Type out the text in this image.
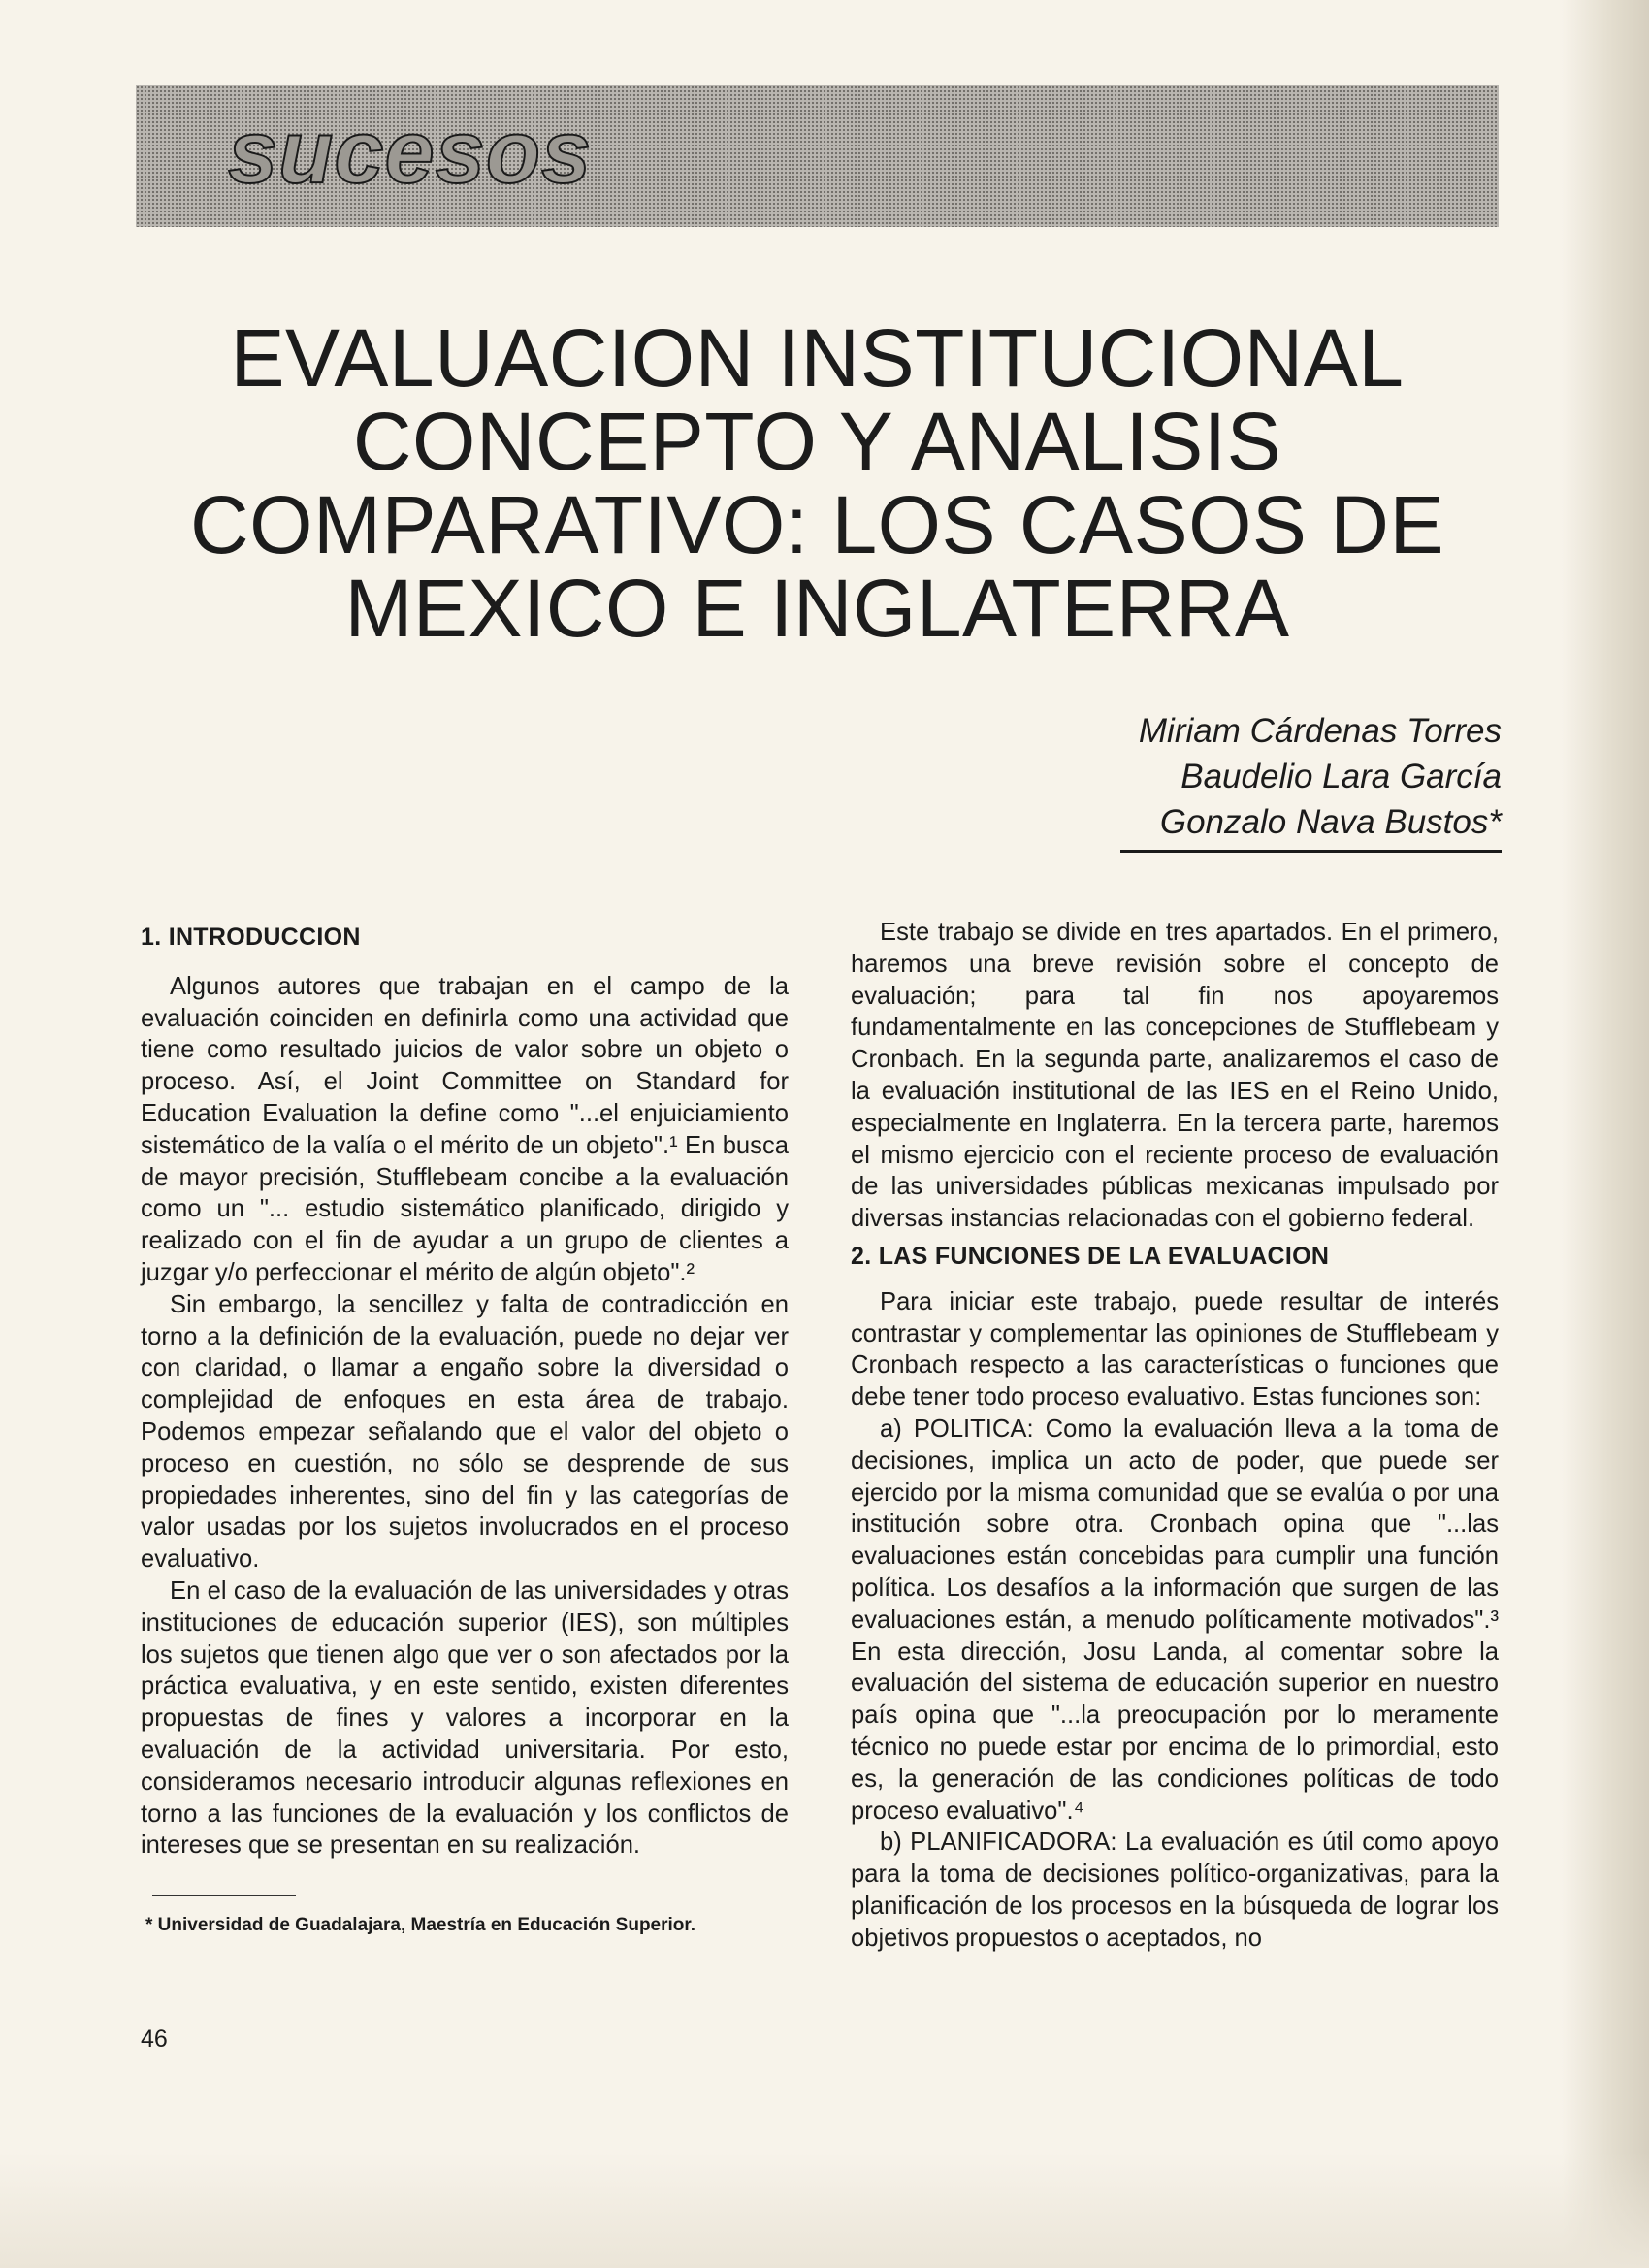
sucesos
EVALUACION INSTITUCIONAL
CONCEPTO Y ANALISIS
COMPARATIVO: LOS CASOS DE
MEXICO E INGLATERRA
Miriam Cárdenas Torres
Baudelio Lara García
Gonzalo Nava Bustos*
1. INTRODUCCION

Algunos autores que trabajan en el campo de la evaluación coinciden en definirla como una actividad que tiene como resultado juicios de valor sobre un objeto o proceso. Así, el Joint Committee on Standard for Education Evaluation la define como "...el enjuiciamiento sistemático de la valía o el mérito de un objeto".¹ En busca de mayor precisión, Stufflebeam concibe a la evaluación como un "... estudio sistemático planificado, dirigido y realizado con el fin de ayudar a un grupo de clientes a juzgar y/o perfeccionar el mérito de algún objeto".²

Sin embargo, la sencillez y falta de contradicción en torno a la definición de la evaluación, puede no dejar ver con claridad, o llamar a engaño sobre la diversidad o complejidad de enfoques en esta área de trabajo. Podemos empezar señalando que el valor del objeto o proceso en cuestión, no sólo se desprende de sus propiedades inherentes, sino del fin y las categorías de valor usadas por los sujetos involucrados en el proceso evaluativo.

En el caso de la evaluación de las universidades y otras instituciones de educación superior (IES), son múltiples los sujetos que tienen algo que ver o son afectados por la práctica evaluativa, y en este sentido, existen diferentes propuestas de fines y valores a incorporar en la evaluación de la actividad universitaria. Por esto, consideramos necesario introducir algunas reflexiones en torno a las funciones de la evaluación y los conflictos de intereses que se presentan en su realización.

Este trabajo se divide en tres apartados. En el primero, haremos una breve revisión sobre el concepto de evaluación; para tal fin nos apoyaremos fundamentalmente en las concepciones de Stufflebeam y Cronbach. En la segunda parte, analizaremos el caso de la evaluación institutional de las IES en el Reino Unido, especialmente en Inglaterra. En la tercera parte, haremos el mismo ejercicio con el reciente proceso de evaluación de las universidades públicas mexicanas impulsado por diversas instancias relacionadas con el gobierno federal.

2. LAS FUNCIONES DE LA EVALUACION

Para iniciar este trabajo, puede resultar de interés contrastar y complementar las opiniones de Stufflebeam y Cronbach respecto a las características o funciones que debe tener todo proceso evaluativo. Estas funciones son:

a) POLITICA: Como la evaluación lleva a la toma de decisiones, implica un acto de poder, que puede ser ejercido por la misma comunidad que se evalúa o por una institución sobre otra. Cronbach opina que "...las evaluaciones están concebidas para cumplir una función política. Los desafíos a la información que surgen de las evaluaciones están, a menudo políticamente motivados".³ En esta dirección, Josu Landa, al comentar sobre la evaluación del sistema de educación superior en nuestro país opina que "...la preocupación por lo meramente técnico no puede estar por encima de lo primordial, esto es, la generación de las condiciones políticas de todo proceso evaluativo".⁴

b) PLANIFICADORA: La evaluación es útil como apoyo para la toma de decisiones político-organizativas, para la planificación de los procesos en la búsqueda de lograr los objetivos propuestos o aceptados, no

* Universidad de Guadalajara, Maestría en Educación Superior.
46
